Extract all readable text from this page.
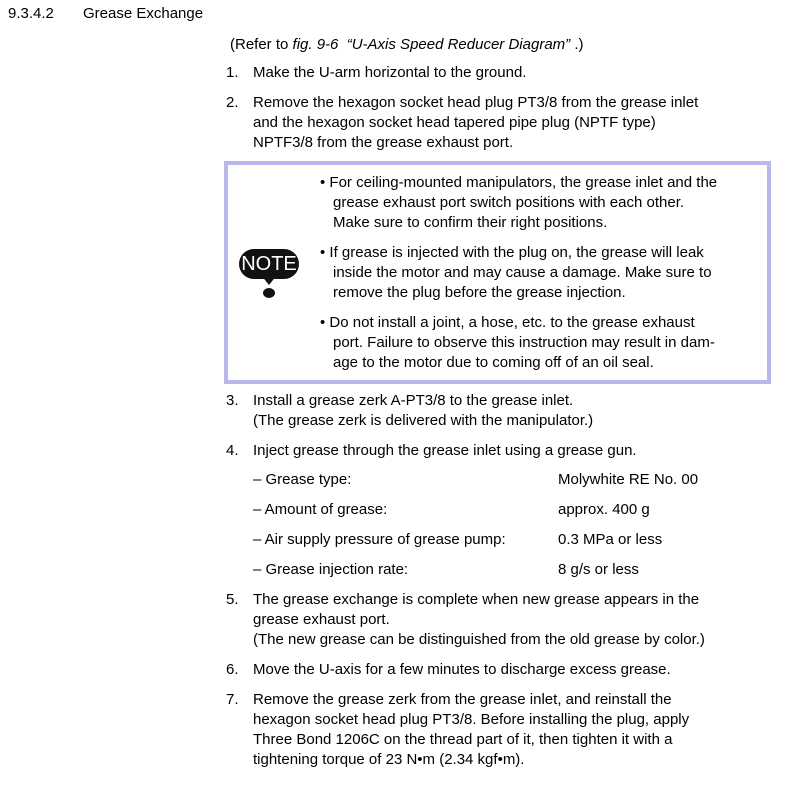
9.3.4.2 Grease Exchange
(Refer to fig. 9-6 “U-Axis Speed Reducer Diagram” .)
1. Make the U-arm horizontal to the ground.
2. Remove the hexagon socket head plug PT3/8 from the grease inlet
and the hexagon socket head tapered pipe plug (NPTF type)
NPTF3/8 from the grease exhaust port.
NOTE
• For ceiling-mounted manipulators, the grease inlet and the
grease exhaust port switch positions with each other.
Make sure to confirm their right positions.
• If grease is injected with the plug on, the grease will leak
inside the motor and may cause a damage. Make sure to
remove the plug before the grease injection.
• Do not install a joint, a hose, etc. to the grease exhaust
port. Failure to observe this instruction may result in dam-
age to the motor due to coming off of an oil seal.
3. Install a grease zerk A-PT3/8 to the grease inlet.
(The grease zerk is delivered with the manipulator.)
4. Inject grease through the grease inlet using a grease gun.
– Grease type:	Molywhite RE No. 00
– Amount of grease:	approx. 400 g
– Air supply pressure of grease pump:	0.3 MPa or less
– Grease injection rate:	8 g/s or less
5. The grease exchange is complete when new grease appears in the
grease exhaust port.
(The new grease can be distinguished from the old grease by color.)
6. Move the U-axis for a few minutes to discharge excess grease.
7. Remove the grease zerk from the grease inlet, and reinstall the
hexagon socket head plug PT3/8. Before installing the plug, apply
Three Bond 1206C on the thread part of it, then tighten it with a
tightening torque of 23 N•m (2.34 kgf•m).
